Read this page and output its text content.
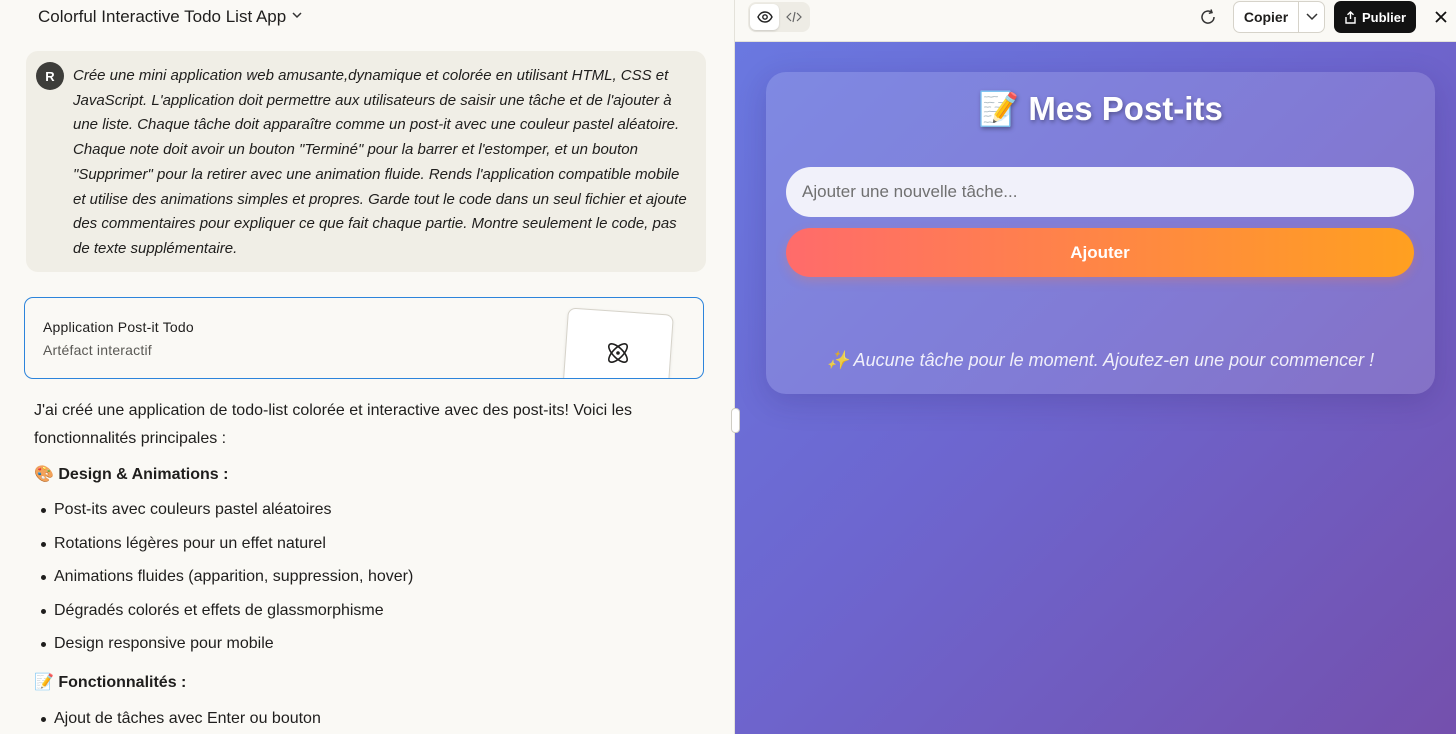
Colorful Interactive Todo List App
R	Crée une mini application web amusante,dynamique et colorée en utilisant HTML, CSS et JavaScript. L'application doit permettre aux utilisateurs de saisir une tâche et de l'ajouter à une liste. Chaque tâche doit apparaître comme un post-it avec une couleur pastel aléatoire. Chaque note doit avoir un bouton "Terminé" pour la barrer et l'estomper, et un bouton "Supprimer" pour la retirer avec une animation fluide. Rends l'application compatible mobile et utilise des animations simples et propres. Garde tout le code dans un seul fichier et ajoute des commentaires pour expliquer ce que fait chaque partie. Montre seulement le code, pas de texte supplémentaire.
Application Post-it Todo
Artéfact interactif
J'ai créé une application de todo-list colorée et interactive avec des post-its! Voici les fonctionnalités principales :
🎨 Design & Animations :
Post-its avec couleurs pastel aléatoires
Rotations légères pour un effet naturel
Animations fluides (apparition, suppression, hover)
Dégradés colorés et effets de glassmorphisme
Design responsive pour mobile
📝 Fonctionnalités :
Ajout de tâches avec Enter ou bouton
Copier	Publier
📝 Mes Post-its
Ajouter une nouvelle tâche...
Ajouter
✨ Aucune tâche pour le moment. Ajoutez-en une pour commencer !
